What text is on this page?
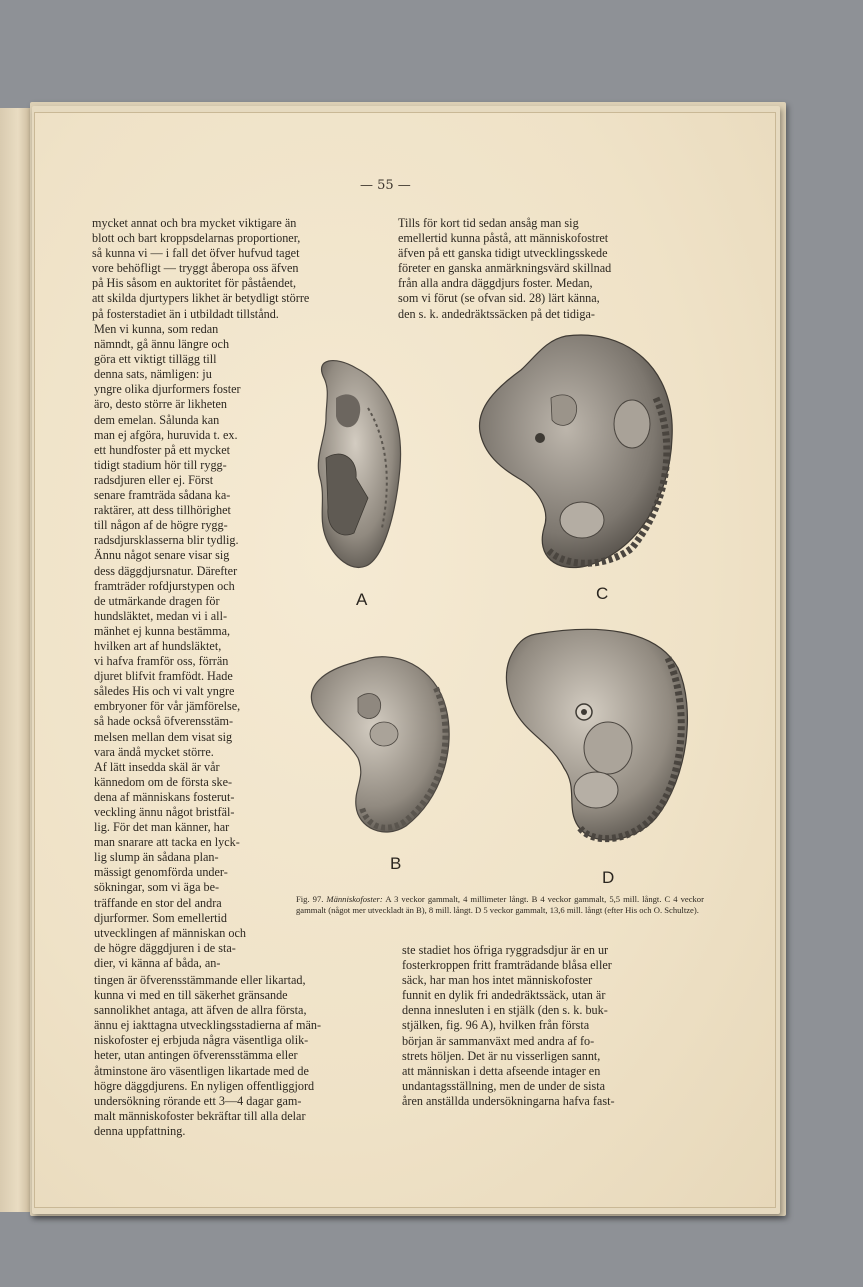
— 55 —
mycket annat och bra mycket viktigare än
blott och bart kroppsdelarnas proportioner,
så kunna vi — i fall det öfver hufvud taget
vore behöfligt — tryggt åberopa oss äfven
på His såsom en auktoritet för påståendet,
att skilda djurtypers likhet är betydligt större
på fosterstadiet än i utbildadt tillstånd.
Tills för kort tid sedan ansåg man sig
emellertid kunna påstå, att människofostret
äfven på ett ganska tidigt utvecklingsskede
företer en ganska anmärkningsvärd skillnad
från alla andra däggdjurs foster. Medan,
som vi förut (se ofvan sid. 28) lärt känna,
den s. k. andedräktssäcken på det tidiga-
Men vi kunna, som redan
nämndt, gå ännu längre och
göra ett viktigt tillägg till
denna sats, nämligen: ju
yngre olika djurformers foster
äro, desto större är likheten
dem emelan. Sålunda kan
man ej afgöra, huruvida t. ex.
ett hundfoster på ett mycket
tidigt stadium hör till rygg-
radsdjuren eller ej. Först
senare framträda sådana ka-
raktärer, att dess tillhörighet
till någon af de högre rygg-
radsdjursklasserna blir tydlig.
Ännu något senare visar sig
dess däggdjursnatur. Därefter
framträder rofdjurstypen och
de utmärkande dragen för
hundsläktet, medan vi i all-
mänhet ej kunna bestämma,
hvilken art af hundsläktet,
vi hafva framför oss, förrän
djuret blifvit framfödt. Hade
således His och vi valt yngre
embryoner för vår jämförelse,
så hade också öfverensstäm-
melsen mellan dem visat sig
vara ändå mycket större.
Af lätt insedda skäl är vår
kännedom om de första ske-
dena af människans fosterut-
veckling ännu något bristfäl-
lig. För det man känner, har
man snarare att tacka en lyck-
lig slump än sådana plan-
mässigt genomförda under-
sökningar, som vi äga be-
träffande en stor del andra
djurformer. Som emellertid
utvecklingen af människan och
de högre däggdjuren i de sta-
dier, vi känna af båda, an-
tingen är öfverensstämmande eller likartad,
kunna vi med en till säkerhet gränsande
sannolikhet antaga, att äfven de allra första,
ännu ej iakttagna utvecklingsstadierna af män-
niskofoster ej erbjuda några väsentliga olik-
heter, utan antingen öfverensstämma eller
åtminstone äro väsentligen likartade med de
högre däggdjurens. En nyligen offentliggjord
undersökning rörande ett 3—4 dagar gam-
malt människofoster bekräftar till alla delar
denna uppfattning.
ste stadiet hos öfriga ryggradsdjur är en ur
fosterkroppen fritt framträdande blåsa eller
säck, har man hos intet människofoster
funnit en dylik fri andedräktssäck, utan är
denna innesluten i en stjälk (den s. k. buk-
stjälken, fig. 96 A), hvilken från första
början är sammanväxt med andra af fo-
strets höljen. Det är nu visserligen sannt,
att människan i detta afseende intager en
undantagsställning, men de under de sista
åren anställda undersökningarna hafva fast-
A	C
B
D
Fig. 97. Människofoster: A 3 veckor gammalt, 4 millimeter långt. B 4 veckor gammalt, 5,5 mill. långt. C 4 veckor gammalt (något mer utveckladt än B), 8 mill. långt. D 5 veckor gammalt, 13,6 mill. långt (efter His och O. Schultze).
